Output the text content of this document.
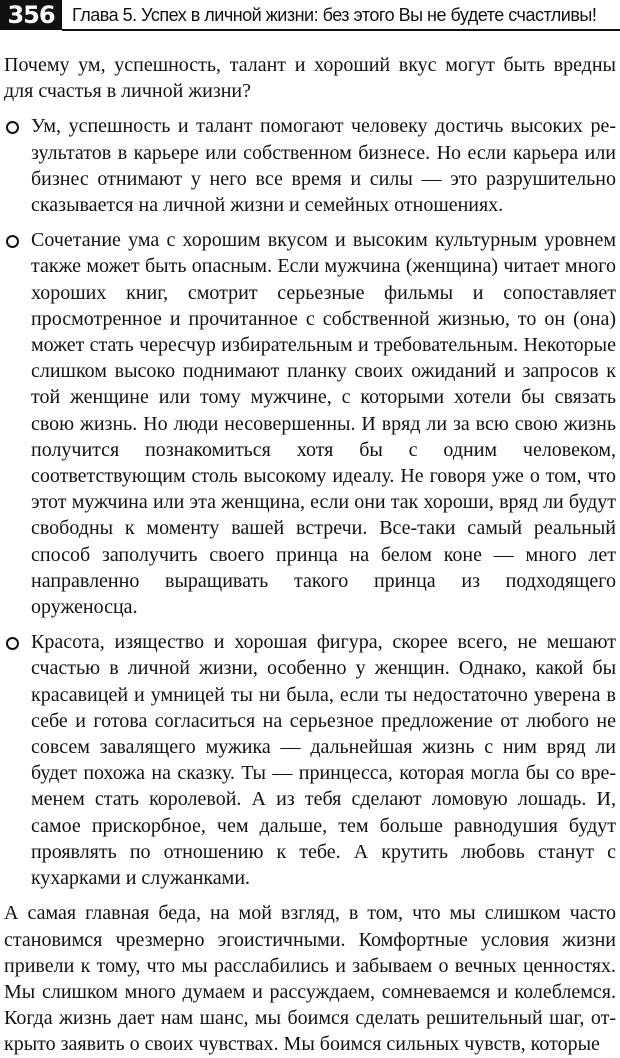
356 Глава 5. Успех в личной жизни: без этого Вы не будете счастливы!

Почему ум, успешность, талант и хороший вкус могут быть вредны для счастья в личной жизни?

Ум, успешность и талант помогают человеку достичь высоких результатов в карьере или собственном бизнесе. Но если карьера или бизнес отнимают у него все время и силы — это разрушительно сказывается на личной жизни и семейных отношениях.
Сочетание ума с хорошим вкусом и высоким культурным уровнем также может быть опасным. Если мужчина (женщина) читает много хороших книг, смотрит серьезные фильмы и сопоставляет просмотренное и прочитанное с собственной жизнью, то он (она) может стать чересчур избирательным и требовательным. Некоторые слишком высоко поднимают планку своих ожиданий и запросов к той женщине или тому мужчине, с которыми хотели бы связать свою жизнь. Но люди несовершенны. И вряд ли за всю свою жизнь получится познакомиться хотя бы с одним человеком, соответствующим столь высокому идеалу. Не говоря уже о том, что этот мужчина или эта женщина, если они так хороши, вряд ли будут свободны к моменту вашей встречи. Все-таки самый реальный способ заполучить своего принца на белом коне — много лет направленно выращивать такого принца из подходящего оруженосца.
Красота, изящество и хорошая фигура, скорее всего, не мешают счастью в личной жизни, особенно у женщин. Однако, какой бы красавицей и умницей ты ни была, если ты недостаточно уверена в себе и готова согласиться на серьезное предложение от любого не совсем завалящего мужика — дальнейшая жизнь с ним вряд ли будет похожа на сказку. Ты — принцесса, которая могла бы со временем стать королевой. А из тебя сделают ломовую лошадь. И, самое прискорбное, чем дальше, тем больше равнодушия будут проявлять по отношению к тебе. А крутить любовь станут с кухарками и служанками.

А самая главная беда, на мой взгляд, в том, что мы слишком часто становимся чрезмерно эгоистичными. Комфортные условия жизни привели к тому, что мы расслабились и забываем о вечных ценностях. Мы слишком много думаем и рассуждаем, сомневаемся и колеблемся. Когда жизнь дает нам шанс, мы боимся сделать решительный шаг, открыто заявить о своих чувствах. Мы боимся сильных чувств, которые
